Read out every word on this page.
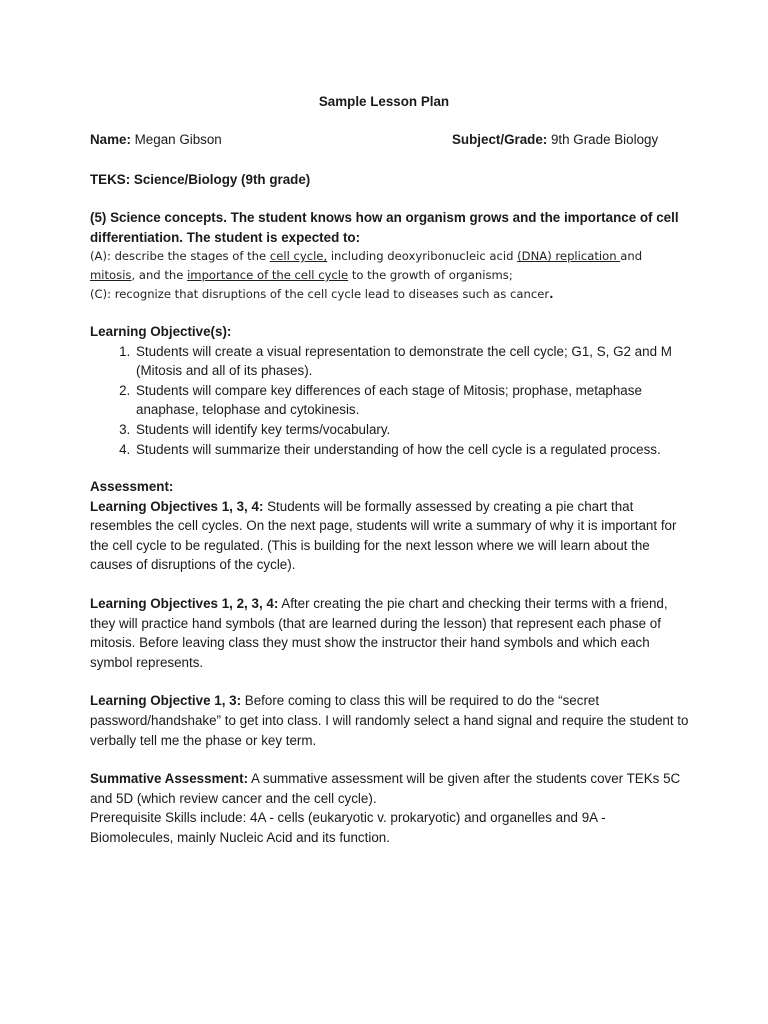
Sample Lesson Plan
Name: Megan Gibson	Subject/Grade: 9th Grade Biology
TEKS: Science/Biology (9th grade)
(5) Science concepts. The student knows how an organism grows and the importance of cell differentiation. The student is expected to:
(A): describe the stages of the cell cycle, including deoxyribonucleic acid (DNA) replication and mitosis, and the importance of the cell cycle to the growth of organisms;
(C): recognize that disruptions of the cell cycle lead to diseases such as cancer.
Learning Objective(s):
1. Students will create a visual representation to demonstrate the cell cycle; G1, S, G2 and M (Mitosis and all of its phases).
2. Students will compare key differences of each stage of Mitosis; prophase, metaphase anaphase, telophase and cytokinesis.
3. Students will identify key terms/vocabulary.
4. Students will summarize their understanding of how the cell cycle is a regulated process.
Assessment:

Learning Objectives 1, 3, 4: Students will be formally assessed by creating a pie chart that resembles the cell cycles. On the next page, students will write a summary of why it is important for the cell cycle to be regulated. (This is building for the next lesson where we will learn about the causes of disruptions of the cycle).

Learning Objectives 1, 2, 3, 4: After creating the pie chart and checking their terms with a friend, they will practice hand symbols (that are learned during the lesson) that represent each phase of mitosis. Before leaving class they must show the instructor their hand symbols and which each symbol represents.

Learning Objective 1, 3: Before coming to class this will be required to do the “secret password/handshake” to get into class. I will randomly select a hand signal and require the student to verbally tell me the phase or key term.

Summative Assessment: A summative assessment will be given after the students cover TEKs 5C and 5D (which review cancer and the cell cycle).

Prerequisite Skills include: 4A - cells (eukaryotic v. prokaryotic) and organelles and 9A - Biomolecules, mainly Nucleic Acid and its function.
